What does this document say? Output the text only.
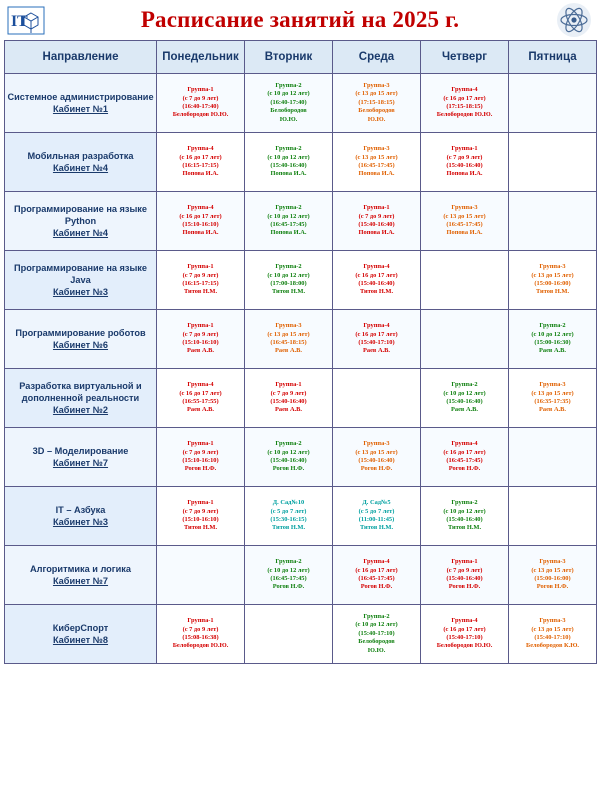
I T	Расписание занятий на 2025 г.
Направление	Понедельник	Вторник	Среда	Четверг	Пятница
Системное администрирование
Кабинет №1	Группа-1
(с 7 до 9 лет)
(16:40-17:40)
Белобородов Ю.Ю.	Группа-2
(с 10 до 12 лет)
(16:40-17:40)
Белобородов
Ю.Ю.	Группа-3
(с 13 до 15 лет)
(17:15-18:15)
Белобородов
Ю.Ю.	Группа-4
(с 16 до 17 лет)
(17:15-18:15)
Белобородов Ю.Ю.	

Мобильная разработка
Кабинет №4	Группа-4
(с 16 до 17 лет)
(16:15-17:15)
Попова И.А.	Группа-2
(с 10 до 12 лет)
(15:40-16:40)
Попова И.А.	Группа-3
(с 13 до 15 лет)
(16:45-17:45)
Попова И.А.	Группа-1
(с 7 до 9 лет)
(15:40-16:40)
Попова И.А.	

Программирование на языке Python
Кабинет №4	Группа-4
(с 16 до 17 лет)
(15:10-16:10)
Попова И.А.	Группа-2
(с 10 до 12 лет)
(16:45-17:45)
Попова И.А.	Группа-1
(с 7 до 9 лет)
(15:40-16:40)
Попова И.А.	Группа-3
(с 13 до 15 лет)
(16:45-17:45)
Попова И.А.	

Программирование на языке Java
Кабинет №3	Группа-1
(с 7 до 9 лет)
(16:15-17:15)
Титов Н.М.	Группа-2
(с 10 до 12 лет)
(17:00-18:00)
Титов Н.М.	Группа-4
(с 16 до 17 лет)
(15:40-16:40)
Титов Н.М.		Группа-3
(с 13 до 15 лет)
(15:00-16:00)
Титов Н.М.

Программирование роботов
Кабинет №6	Группа-1
(с 7 до 9 лет)
(15:10-16:10)
Раев А.В.	Группа-3
(с 13 до 15 лет)
(16:45-18:15)
Раев А.В.	Группа-4
(с 16 до 17 лет)
(15:40-17:10)
Раев А.В.		Группа-2
(с 10 до 12 лет)
(15:00-16:30)
Раев А.В.

Разработка виртуальной и дополненной реальности
Кабинет №2	Группа-4
(с 16 до 17 лет)
(16:55-17:55)
Раев А.В.	Группа-1
(с 7 до 9 лет)
(15:40-16:40)
Раев А.В.		Группа-2
(с 10 до 12 лет)
(15:40-16:40)
Раев А.В.	Группа-3
(с 13 до 15 лет)
(16:35-17:35)
Раев А.В.

3D – Моделирование
Кабинет №7	Группа-1
(с 7 до 9 лет)
(15:10-16:10)
Рогов Н.Ф.	Группа-2
(с 10 до 12 лет)
(15:40-16:40)
Рогов Н.Ф.	Группа-3
(с 13 до 15 лет)
(15:40-16:40)
Рогов Н.Ф.	Группа-4
(с 16 до 17 лет)
(16:45-17:45)
Рогов Н.Ф.	

IT – Азбука
Кабинет №3	Группа-1
(с 7 до 9 лет)
(15:10-16:10)
Титов Н.М.	Д. Сад№10
(с 5 до 7 лет)
(15:30-16:15)
Титов Н.М.	Д. Сад№5
(с 5 до 7 лет)
(11:00-11:45)
Титов Н.М.	Группа-2
(с 10 до 12 лет)
(15:40-16:40)
Титов Н.М.	

Алгоритмика и логика
Кабинет №7		Группа-2
(с 10 до 12 лет)
(16:45-17:45)
Рогов Н.Ф.	Группа-4
(с 16 до 17 лет)
(16:45-17:45)
Рогов Н.Ф.	Группа-1
(с 7 до 9 лет)
(15:40-16:40)
Рогов Н.Ф.	Группа-3
(с 13 до 15 лет)
(15:00-16:00)
Рогов Н.Ф.

КиберСпорт
Кабинет №8	Группа-1
(с 7 до 9 лет)
(15:08-16:38)
Белобородов Ю.Ю.		Группа-2
(с 10 до 12 лет)
(15:40-17:10)
Белобородов
Ю.Ю.	Группа-4
(с 16 до 17 лет)
(15:40-17:10)
Белобородов Ю.Ю.	Группа-3
(с 13 до 15 лет)
(15:40-17:10)
Белобородов К.Ю.
